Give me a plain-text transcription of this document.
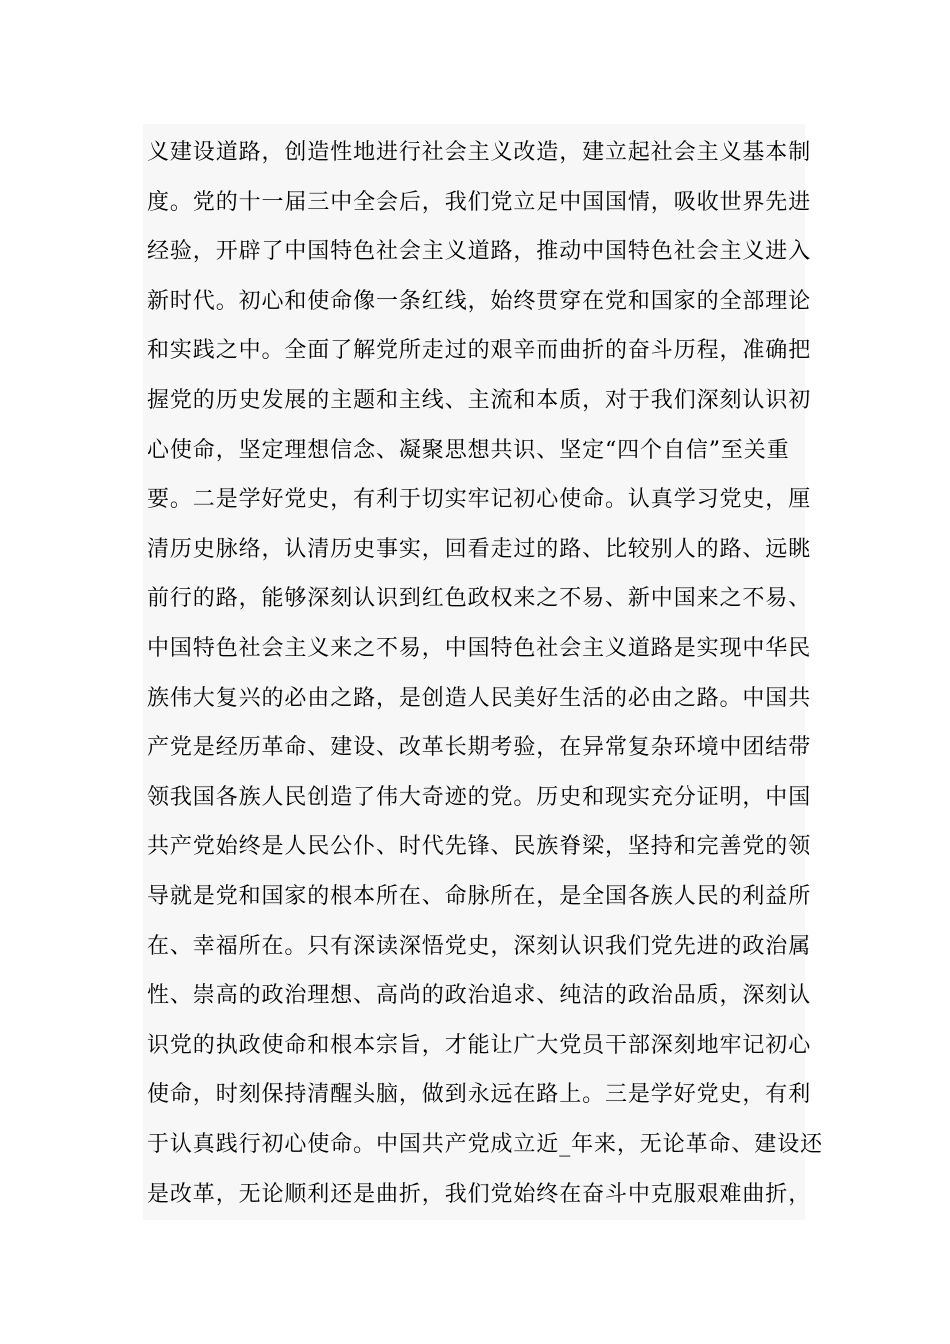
义建设道路，创造性地进行社会主义改造，建立起社会主义基本制
度。党的十一届三中全会后，我们党立足中国国情，吸收世界先进
经验，开辟了中国特色社会主义道路，推动中国特色社会主义进入
新时代。初心和使命像一条红线，始终贯穿在党和国家的全部理论
和实践之中。全面了解党所走过的艰辛而曲折的奋斗历程，准确把
握党的历史发展的主题和主线、主流和本质，对于我们深刻认识初
心使命，坚定理想信念、凝聚思想共识、坚定“四个自信”至关重
要。二是学好党史，有利于切实牢记初心使命。认真学习党史，厘
清历史脉络，认清历史事实，回看走过的路、比较别人的路、远眺
前行的路，能够深刻认识到红色政权来之不易、新中国来之不易、
中国特色社会主义来之不易，中国特色社会主义道路是实现中华民
族伟大复兴的必由之路，是创造人民美好生活的必由之路。中国共
产党是经历革命、建设、改革长期考验，在异常复杂环境中团结带
领我国各族人民创造了伟大奇迹的党。历史和现实充分证明，中国
共产党始终是人民公仆、时代先锋、民族脊梁，坚持和完善党的领
导就是党和国家的根本所在、命脉所在，是全国各族人民的利益所
在、幸福所在。只有深读深悟党史，深刻认识我们党先进的政治属
性、崇高的政治理想、高尚的政治追求、纯洁的政治品质，深刻认
识党的执政使命和根本宗旨，才能让广大党员干部深刻地牢记初心
使命，时刻保持清醒头脑，做到永远在路上。三是学好党史，有利
于认真践行初心使命。中国共产党成立近_年来，无论革命、建设还
是改革，无论顺利还是曲折，我们党始终在奋斗中克服艰难曲折，
